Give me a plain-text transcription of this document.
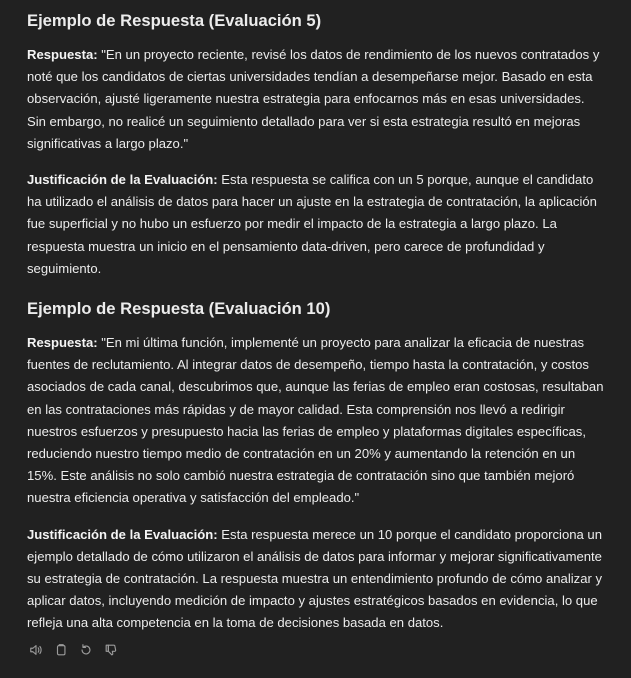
Ejemplo de Respuesta (Evaluación 5)

Respuesta: "En un proyecto reciente, revisé los datos de rendimiento de los nuevos contratados y noté que los candidatos de ciertas universidades tendían a desempeñarse mejor. Basado en esta observación, ajusté ligeramente nuestra estrategia para enfocarnos más en esas universidades. Sin embargo, no realicé un seguimiento detallado para ver si esta estrategia resultó en mejoras significativas a largo plazo."

Justificación de la Evaluación: Esta respuesta se califica con un 5 porque, aunque el candidato ha utilizado el análisis de datos para hacer un ajuste en la estrategia de contratación, la aplicación fue superficial y no hubo un esfuerzo por medir el impacto de la estrategia a largo plazo. La respuesta muestra un inicio en el pensamiento data-driven, pero carece de profundidad y seguimiento.

Ejemplo de Respuesta (Evaluación 10)

Respuesta: "En mi última función, implementé un proyecto para analizar la eficacia de nuestras fuentes de reclutamiento. Al integrar datos de desempeño, tiempo hasta la contratación, y costos asociados de cada canal, descubrimos que, aunque las ferias de empleo eran costosas, resultaban en las contrataciones más rápidas y de mayor calidad. Esta comprensión nos llevó a redirigir nuestros esfuerzos y presupuesto hacia las ferias de empleo y plataformas digitales específicas, reduciendo nuestro tiempo medio de contratación en un 20% y aumentando la retención en un 15%. Este análisis no solo cambió nuestra estrategia de contratación sino que también mejoró nuestra eficiencia operativa y satisfacción del empleado."

Justificación de la Evaluación: Esta respuesta merece un 10 porque el candidato proporciona un ejemplo detallado de cómo utilizaron el análisis de datos para informar y mejorar significativamente su estrategia de contratación. La respuesta muestra un entendimiento profundo de cómo analizar y aplicar datos, incluyendo medición de impacto y ajustes estratégicos basados en evidencia, lo que refleja una alta competencia en la toma de decisiones basada en datos.
